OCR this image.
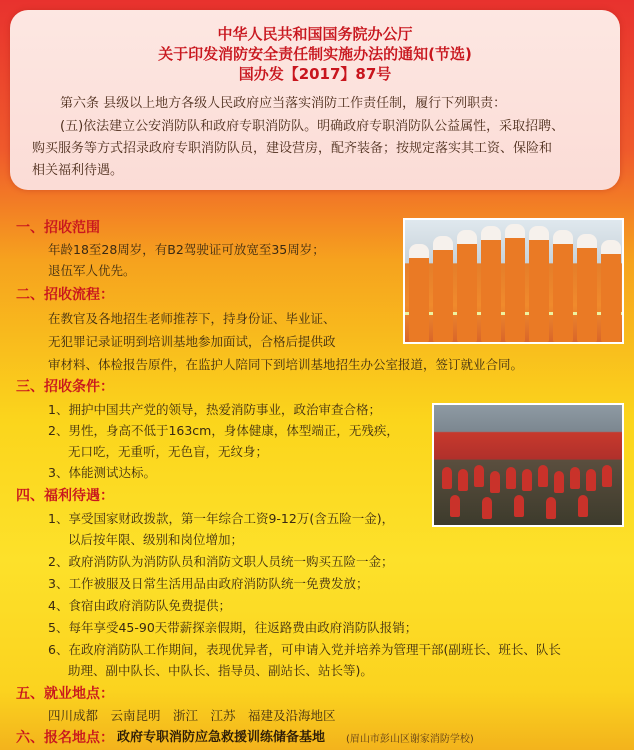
中华人民共和国国务院办公厅
关于印发消防安全责任制实施办法的通知(节选)
国办发【2017】87号
第六条 县级以上地方各级人民政府应当落实消防工作责任制，履行下列职责：
(五)依法建立公安消防队和政府专职消防队。明确政府专职消防队公益属性，采取招聘、
购买服务等方式招录政府专职消防队员，建设营房，配齐装备；按规定落实其工资、保险和
相关福利待遇。
一、招收范围
年龄18至28周岁，有B2驾驶证可放宽至35周岁；
退伍军人优先。
二、招收流程：
在教官及各地招生老师推荐下，持身份证、毕业证、
无犯罪记录证明到培训基地参加面试，合格后提供政
审材料、体检报告原件，在监护人陪同下到培训基地招生办公室报道，签订就业合同。
三、招收条件：
1、拥护中国共产党的领导，热爱消防事业，政治审查合格；
2、男性，身高不低于163cm，身体健康，体型端正，无残疾，
无口吃，无重听，无色盲，无纹身；
3、体能测试达标。
四、福利待遇：
1、享受国家财政拨款，第一年综合工资9-12万(含五险一金)，
以后按年限、级别和岗位增加；
2、政府消防队为消防队员和消防文职人员统一购买五险一金；
3、工作被服及日常生活用品由政府消防队统一免费发放；
4、食宿由政府消防队免费提供；
5、每年享受45-90天带薪探亲假期，往返路费由政府消防队报销；
6、在政府消防队工作期间，表现优异者，可申请入党并培养为管理干部(副班长、班长、队长
助理、副中队长、中队长、指导员、副站长、站长等)。
五、就业地点：
四川成都　云南昆明　浙江　江苏　福建及沿海地区
六、报名地点： 政府专职消防应急救援训练储备基地 (眉山市彭山区谢家消防学校)
